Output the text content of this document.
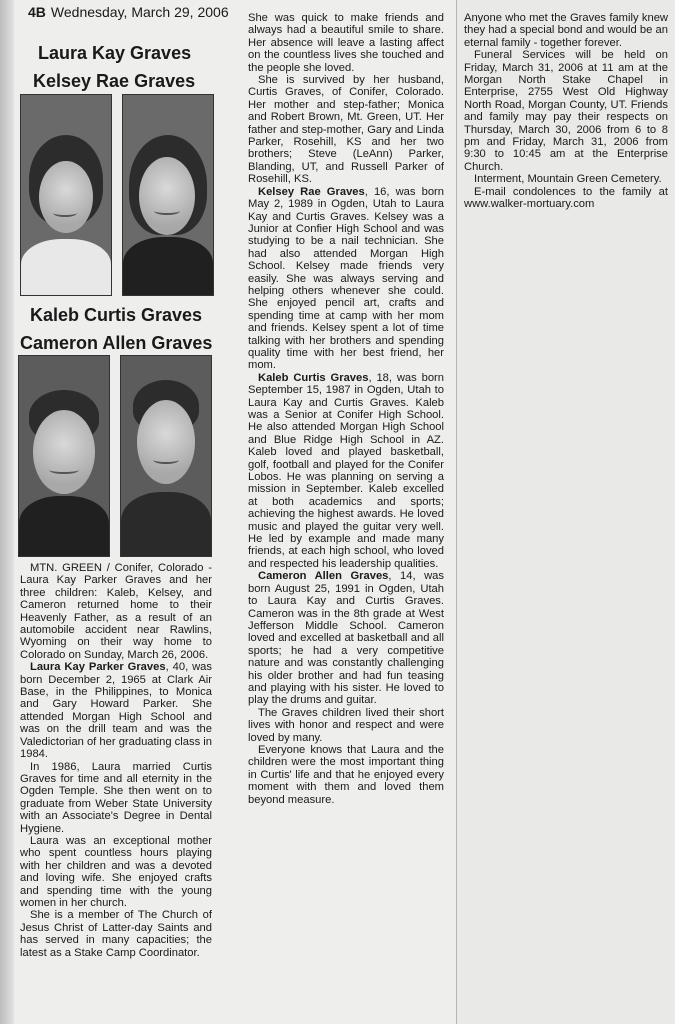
4B Wednesday, March 29, 2006
Laura Kay Graves
Kelsey Rae Graves
Kaleb Curtis Graves
Cameron Allen Graves

MTN. GREEN / Conifer, Colorado - Laura Kay Parker Graves and her three children: Kaleb, Kelsey, and Cameron returned home to their Heavenly Father, as a result of an automobile accident near Rawlins, Wyoming on their way home to Colorado on Sunday, March 26, 2006.

Laura Kay Parker Graves, 40, was born December 2, 1965 at Clark Air Base, in the Philippines, to Monica and Gary Howard Parker. She attended Morgan High School and was on the drill team and was the Valedictorian of her graduating class in 1984.

In 1986, Laura married Curtis Graves for time and all eternity in the Ogden Temple. She then went on to graduate from Weber State University with an Associate's Degree in Dental Hygiene.

Laura was an exceptional mother who spent countless hours playing with her children and was a devoted and loving wife. She enjoyed crafts and spending time with the young women in her church.

She is a member of The Church of Jesus Christ of Latter-day Saints and has served in many capacities; the latest as a Stake Camp Coordinator.

She was quick to make friends and always had a beautiful smile to share. Her absence will leave a lasting affect on the countless lives she touched and the people she loved.

She is survived by her husband, Curtis Graves, of Conifer, Colorado. Her mother and step-father; Monica and Robert Brown, Mt. Green, UT. Her father and step-mother, Gary and Linda Parker, Rosehill, KS and her two brothers; Steve (LeAnn) Parker, Blanding, UT, and Russell Parker of Rosehill, KS.

Kelsey Rae Graves, 16, was born May 2, 1989 in Ogden, Utah to Laura Kay and Curtis Graves. Kelsey was a Junior at Confier High School and was studying to be a nail technician. She had also attended Morgan High School. Kelsey made friends very easily. She was always serving and helping others whenever she could. She enjoyed pencil art, crafts and spending time at camp with her mom and friends. Kelsey spent a lot of time talking with her brothers and spending quality time with her best friend, her mom.

Kaleb Curtis Graves, 18, was born September 15, 1987 in Ogden, Utah to Laura Kay and Curtis Graves. Kaleb was a Senior at Conifer High School. He also attended Morgan High School and Blue Ridge High School in AZ. Kaleb loved and played basketball, golf, football and played for the Conifer Lobos. He was planning on serving a mission in September. Kaleb excelled at both academics and sports; achieving the highest awards. He loved music and played the guitar very well. He led by example and made many friends, at each high school, who loved and respected his leadership qualities.

Cameron Allen Graves, 14, was born August 25, 1991 in Ogden, Utah to Laura Kay and Curtis Graves. Cameron was in the 8th grade at West Jefferson Middle School. Cameron loved and excelled at basketball and all sports; he had a very competitive nature and was constantly challenging his older brother and had fun teasing and playing with his sister. He loved to play the drums and guitar.

The Graves children lived their short lives with honor and respect and were loved by many.

Everyone knows that Laura and the children were the most important thing in Curtis' life and that he enjoyed every moment with them and loved them beyond measure.

Anyone who met the Graves family knew they had a special bond and would be an eternal family - together forever.

Funeral Services will be held on Friday, March 31, 2006 at 11 am at the Morgan North Stake Chapel in Enterprise, 2755 West Old Highway North Road, Morgan County, UT. Friends and family may pay their respects on Thursday, March 30, 2006 from 6 to 8 pm and Friday, March 31, 2006 from 9:30 to 10:45 am at the Enterprise Church.

Interment, Mountain Green Cemetery.

E-mail condolences to the family at www.walker-mortuary.com
